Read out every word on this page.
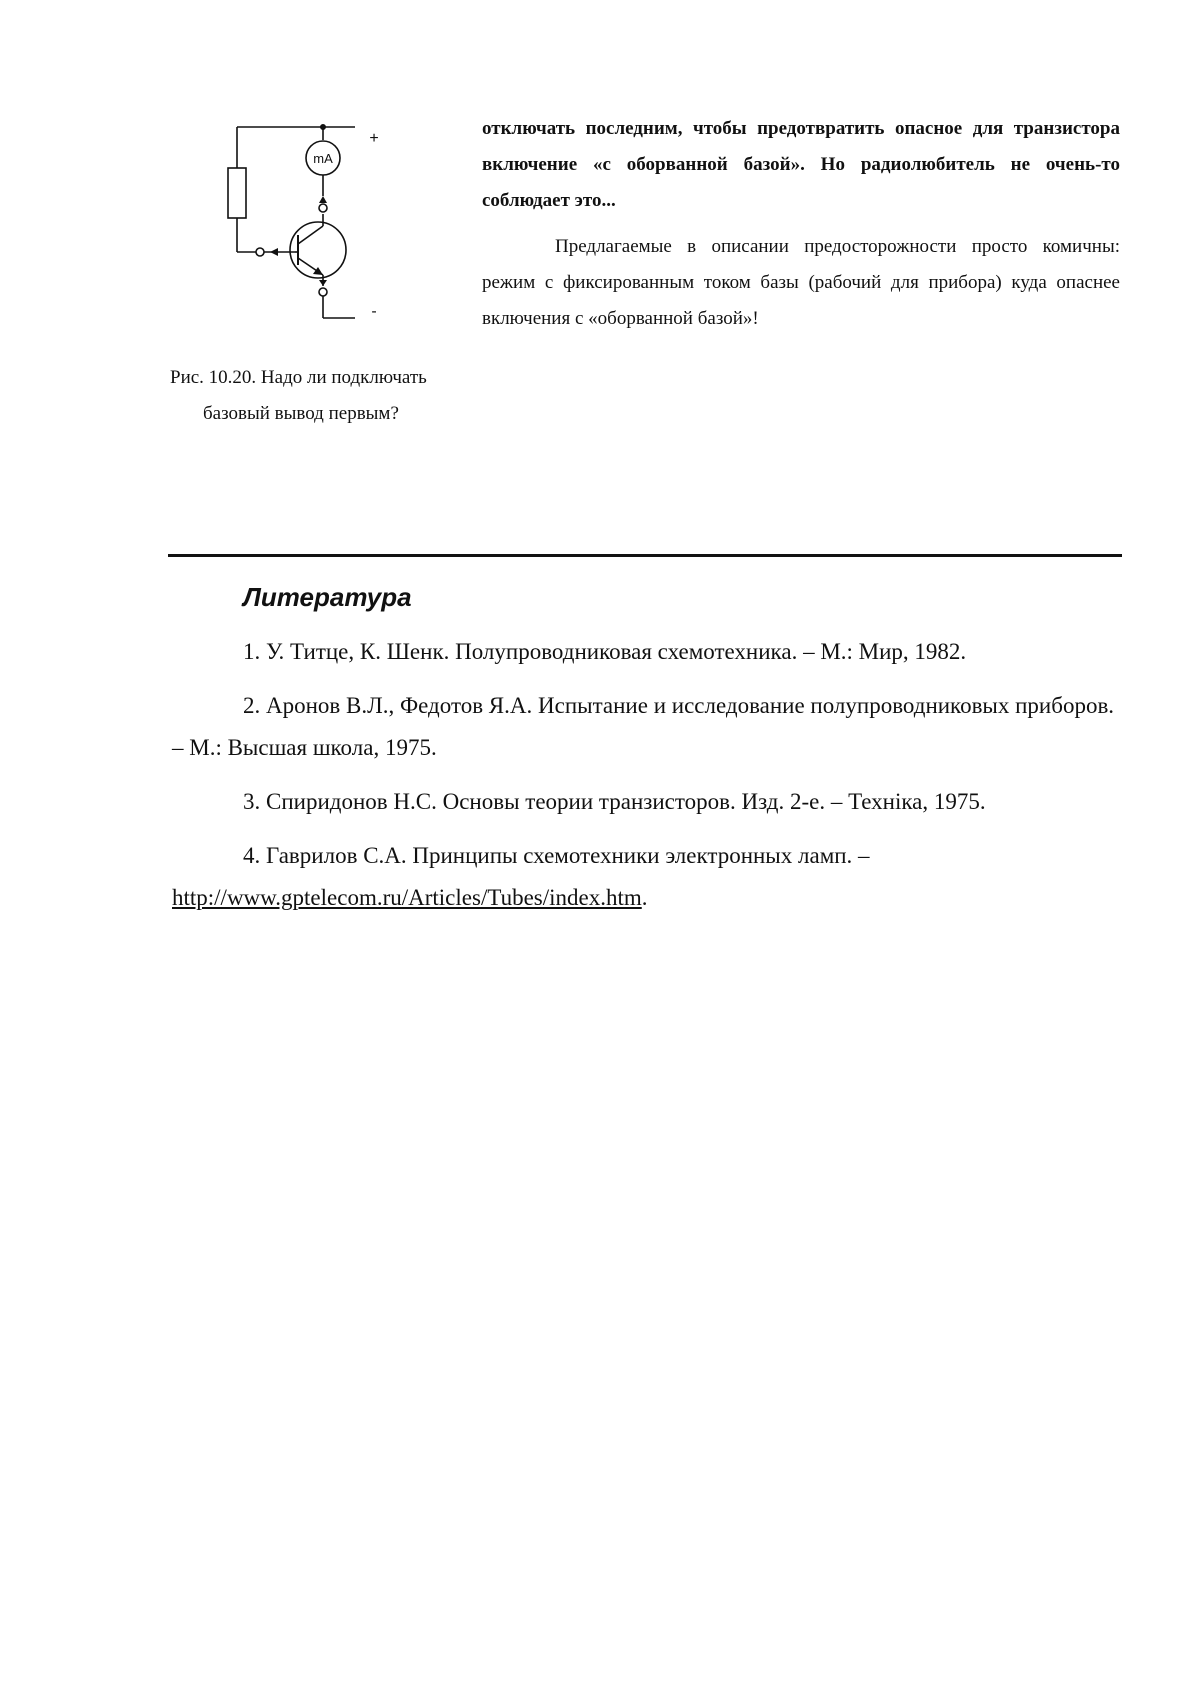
mA
+
-
Рис. 10.20. Надо ли подключать
базовый вывод первым?

отключать последним, чтобы предотвратить опасное для транзистора включение «с оборванной базой». Но радиолюбитель не очень-то соблюдает это...

Предлагаемые в описании предосторожности просто комичны: режим с фиксированным током базы (рабочий для прибора) куда опаснее включения с «оборванной базой»!

Литература

1. У. Титце, К. Шенк. Полупроводниковая схемотехника. – М.: Мир, 1982.

2. Аронов В.Л., Федотов Я.А. Испытание и исследование полупроводниковых приборов. – М.: Высшая школа, 1975.

3. Спиридонов Н.С. Основы теории транзисторов. Изд. 2-е. – Техніка, 1975.

4. Гаврилов С.А. Принципы схемотехники электронных ламп. –
http://www.gptelecom.ru/Articles/Tubes/index.htm.
